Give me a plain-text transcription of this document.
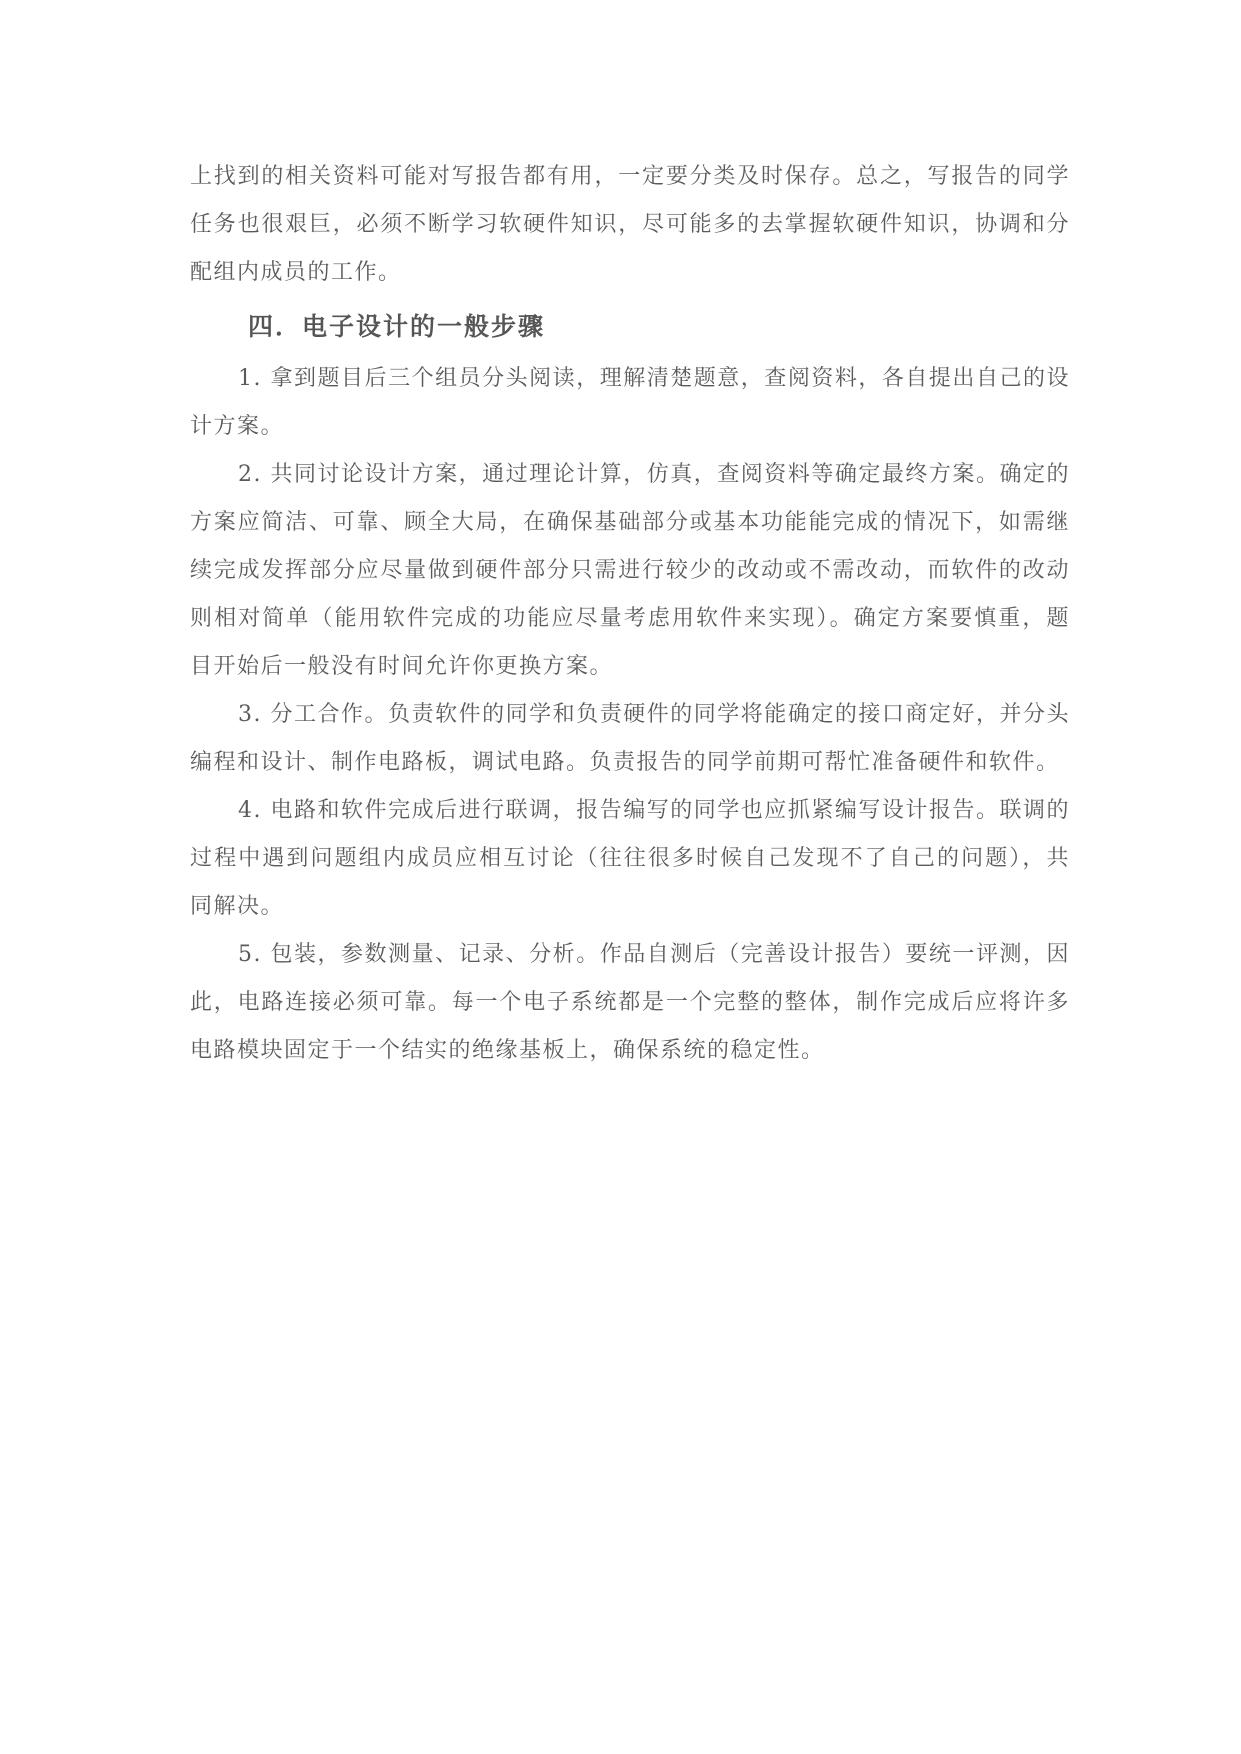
上找到的相关资料可能对写报告都有用，一定要分类及时保存。总之，写报告的同学任务也很艰巨，必须不断学习软硬件知识，尽可能多的去掌握软硬件知识，协调和分配组内成员的工作。

四．电子设计的一般步骤

1. 拿到题目后三个组员分头阅读，理解清楚题意，查阅资料，各自提出自己的设计方案。

2. 共同讨论设计方案，通过理论计算，仿真，查阅资料等确定最终方案。确定的方案应简洁、可靠、顾全大局，在确保基础部分或基本功能能完成的情况下，如需继续完成发挥部分应尽量做到硬件部分只需进行较少的改动或不需改动，而软件的改动则相对简单（能用软件完成的功能应尽量考虑用软件来实现）。确定方案要慎重，题目开始后一般没有时间允许你更换方案。

3. 分工合作。负责软件的同学和负责硬件的同学将能确定的接口商定好，并分头编程和设计、制作电路板，调试电路。负责报告的同学前期可帮忙准备硬件和软件。

4. 电路和软件完成后进行联调，报告编写的同学也应抓紧编写设计报告。联调的过程中遇到问题组内成员应相互讨论（往往很多时候自己发现不了自己的问题），共同解决。

5. 包装，参数测量、记录、分析。作品自测后（完善设计报告）要统一评测，因此，电路连接必须可靠。每一个电子系统都是一个完整的整体，制作完成后应将许多电路模块固定于一个结实的绝缘基板上，确保系统的稳定性。
